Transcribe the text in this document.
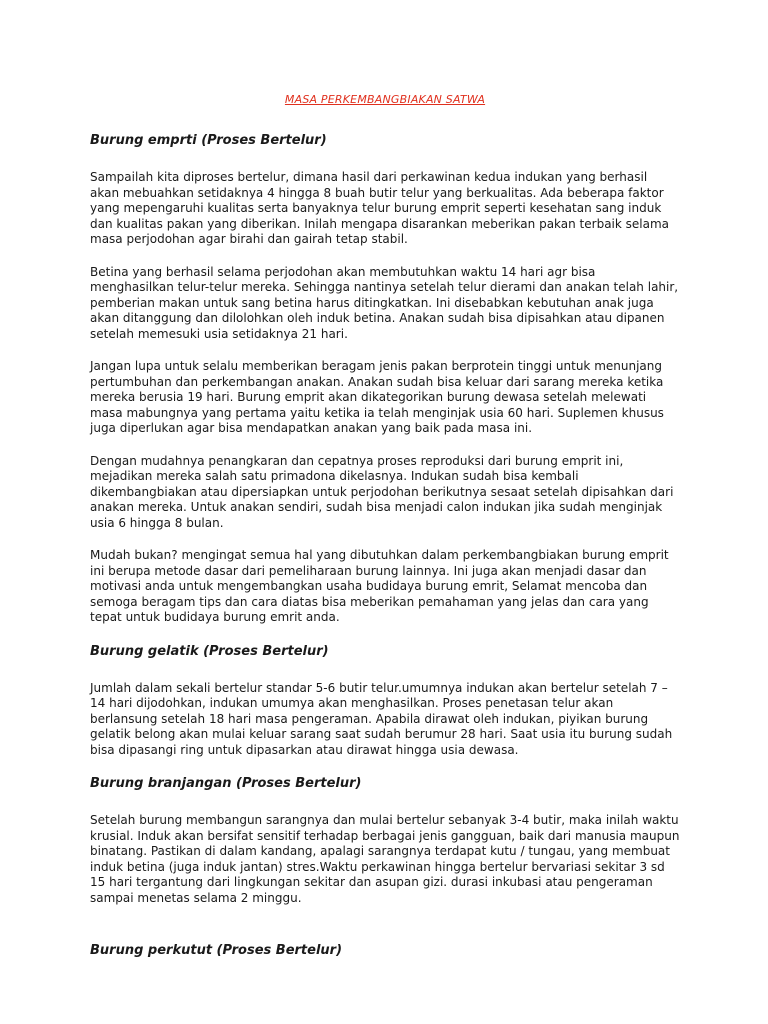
MASA PERKEMBANGBIAKAN SATWA
Burung emprti (Proses Bertelur)

Sampailah kita diproses bertelur, dimana hasil dari perkawinan kedua indukan yang berhasil akan mebuahkan setidaknya 4 hingga 8 buah butir telur yang berkualitas. Ada beberapa faktor yang mepengaruhi kualitas serta banyaknya telur burung emprit seperti kesehatan sang induk dan kualitas pakan yang diberikan. Inilah mengapa disarankan meberikan pakan terbaik selama masa perjodohan agar birahi dan gairah tetap stabil.

Betina yang berhasil selama perjodohan akan membutuhkan waktu 14 hari agr bisa menghasilkan telur-telur mereka. Sehingga nantinya setelah telur dierami dan anakan telah lahir, pemberian makan untuk sang betina harus ditingkatkan. Ini disebabkan kebutuhan anak juga akan ditanggung dan dilolohkan oleh induk betina. Anakan sudah bisa dipisahkan atau dipanen setelah memesuki usia setidaknya 21 hari.

Jangan lupa untuk selalu memberikan beragam jenis pakan berprotein tinggi untuk menunjang pertumbuhan dan perkembangan anakan. Anakan sudah bisa keluar dari sarang mereka ketika mereka berusia 19 hari. Burung emprit akan dikategorikan burung dewasa setelah melewati masa mabungnya yang pertama yaitu ketika ia telah menginjak usia 60 hari. Suplemen khusus juga diperlukan agar bisa mendapatkan anakan yang baik pada masa ini.

Dengan mudahnya penangkaran dan cepatnya proses reproduksi dari burung emprit ini, mejadikan mereka salah satu primadona dikelasnya. Indukan sudah bisa kembali dikembangbiakan atau dipersiapkan untuk perjodohan berikutnya sesaat setelah dipisahkan dari anakan mereka. Untuk anakan sendiri, sudah bisa menjadi calon indukan jika sudah menginjak usia 6 hingga 8 bulan.

Mudah bukan? mengingat semua hal yang dibutuhkan dalam perkembangbiakan burung emprit ini berupa metode dasar dari pemeliharaan burung lainnya. Ini juga akan menjadi dasar dan motivasi anda untuk mengembangkan usaha budidaya burung emrit, Selamat mencoba dan semoga beragam tips dan cara diatas bisa meberikan pemahaman yang jelas dan cara yang tepat untuk budidaya burung emrit anda.

Burung gelatik (Proses Bertelur)

Jumlah dalam sekali bertelur standar 5-6 butir telur.umumnya indukan akan bertelur setelah 7 – 14 hari dijodohkan, indukan umumya akan menghasilkan. Proses penetasan telur akan berlansung setelah 18 hari masa pengeraman. Apabila dirawat oleh indukan, piyikan burung gelatik belong akan mulai keluar sarang saat sudah berumur 28 hari. Saat usia itu burung sudah bisa dipasangi ring untuk dipasarkan atau dirawat hingga usia dewasa.

Burung branjangan (Proses Bertelur)

Setelah burung membangun sarangnya dan mulai bertelur sebanyak 3-4 butir, maka inilah waktu krusial. Induk akan bersifat sensitif terhadap berbagai jenis gangguan, baik dari manusia maupun binatang. Pastikan di dalam kandang, apalagi sarangnya terdapat kutu / tungau, yang membuat induk betina (juga induk jantan) stres.Waktu perkawinan hingga bertelur bervariasi sekitar 3 sd 15 hari tergantung dari lingkungan sekitar dan asupan gizi. durasi inkubasi atau pengeraman sampai menetas selama 2 minggu.

Burung perkutut (Proses Bertelur)
